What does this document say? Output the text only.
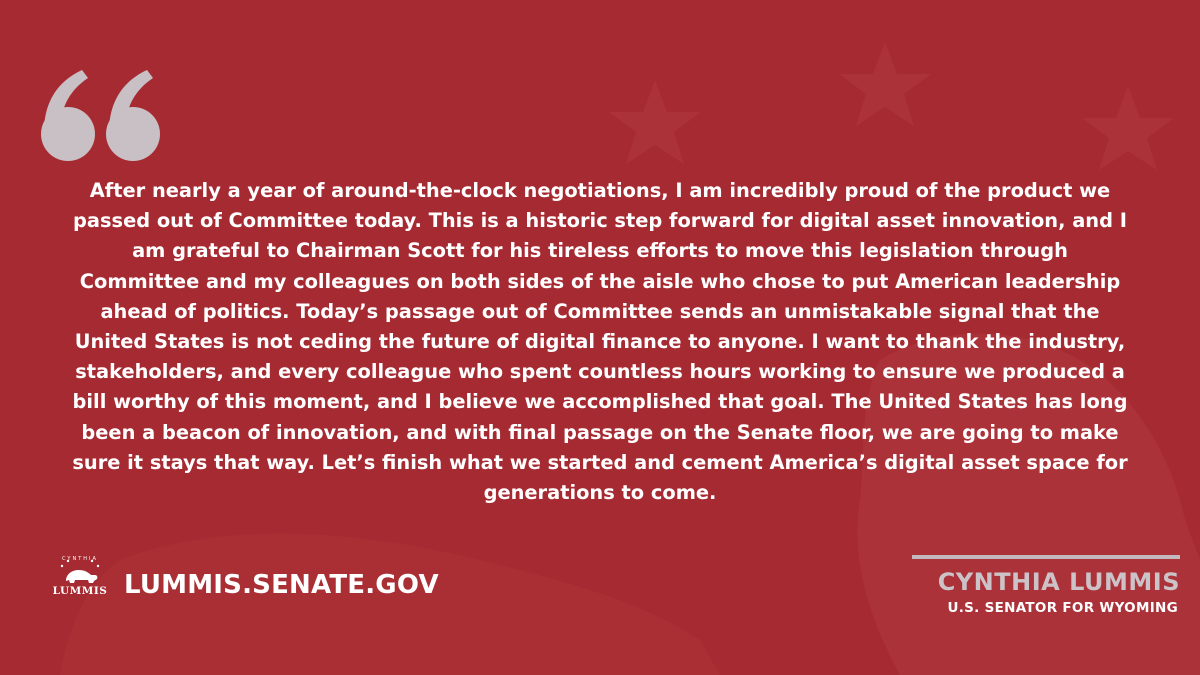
After nearly a year of around-the-clock negotiations, I am incredibly proud of the product we passed out of Committee today. This is a historic step forward for digital asset innovation, and I am grateful to Chairman Scott for his tireless efforts to move this legislation through Committee and my colleagues on both sides of the aisle who chose to put American leadership ahead of politics. Today’s passage out of Committee sends an unmistakable signal that the United States is not ceding the future of digital finance to anyone. I want to thank the industry, stakeholders, and every colleague who spent countless hours working to ensure we produced a bill worthy of this moment, and I believe we accomplished that goal. The United States has long been a beacon of innovation, and with final passage on the Senate floor, we are going to make sure it stays that way. Let’s finish what we started and cement America’s digital asset space for generations to come.

CYNTHIA
LUMMIS LUMMIS.SENATE.GOV	CYNTHIA LUMMIS
U.S. SENATOR FOR WYOMING
